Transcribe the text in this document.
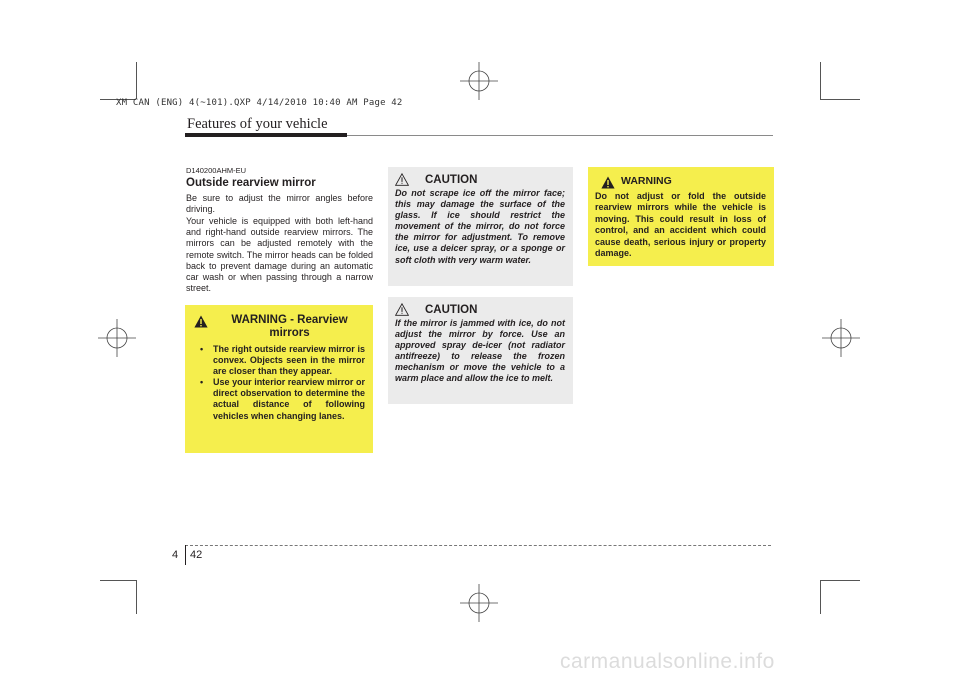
XM CAN (ENG) 4(~101).QXP 4/14/2010 10:40 AM Page 42
Features of your vehicle
D140200AHM-EU
Outside rearview mirror
Be sure to adjust the mirror angles before driving.
Your vehicle is equipped with both left-hand and right-hand outside rearview mirrors. The mirrors can be adjusted remotely with the remote switch. The mirror heads can be folded back to prevent damage during an automatic car wash or when passing through a narrow street.
WARNING - Rearview mirrors
• The right outside rearview mirror is convex. Objects seen in the mirror are closer than they appear.
• Use your interior rearview mirror or direct observation to determine the actual distance of following vehicles when changing lanes.
CAUTION
Do not scrape ice off the mirror face; this may damage the surface of the glass. If ice should restrict the movement of the mirror, do not force the mirror for adjustment. To remove ice, use a deicer spray, or a sponge or soft cloth with very warm water.
CAUTION
If the mirror is jammed with ice, do not adjust the mirror by force. Use an approved spray de-icer (not radiator antifreeze) to release the frozen mechanism or move the vehicle to a warm place and allow the ice to melt.
WARNING
Do not adjust or fold the outside rearview mirrors while the vehicle is moving. This could result in loss of control, and an accident which could cause death, serious injury or property damage.
4 42
carmanualsonline.info
